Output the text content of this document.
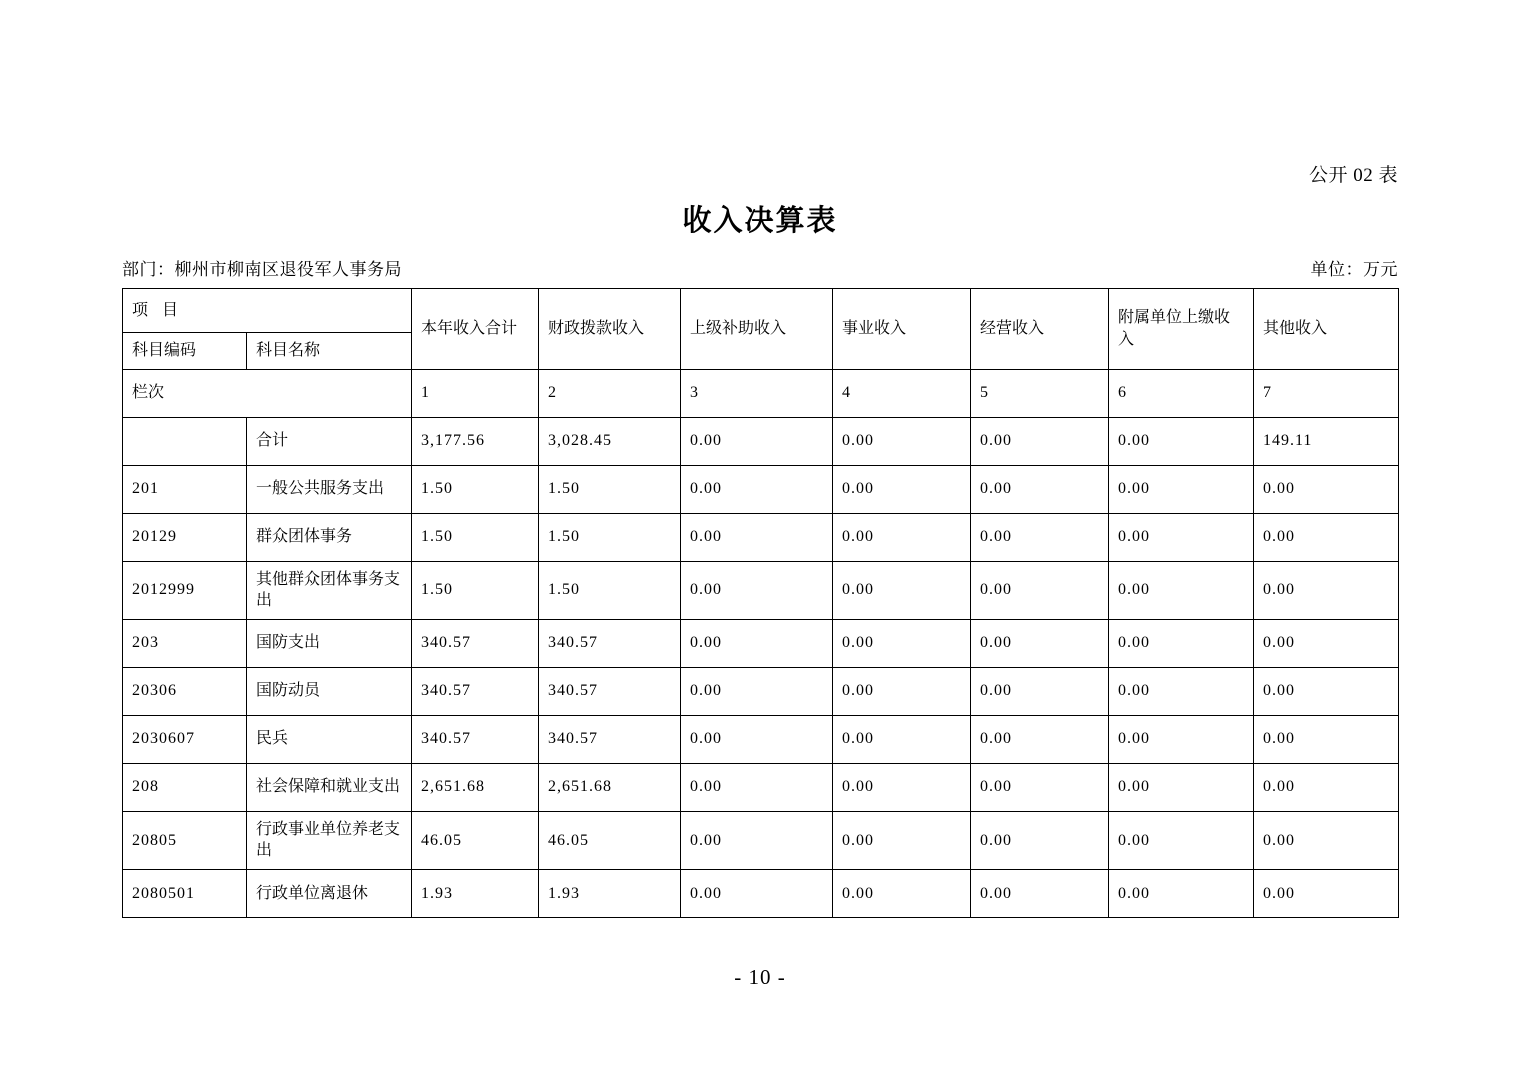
公开 02 表
收入决算表
部门：柳州市柳南区退役军人事务局	单位：万元
项目		本年收入合计	财政拨款收入	上级补助收入	事业收入	经营收入	附属单位上缴收入	其他收入
科目编码	科目名称							
栏次		1	2	3	4	5	6	7
	合计	3,177.56	3,028.45	0.00	0.00	0.00	0.00	149.11
201	一般公共服务支出	1.50	1.50	0.00	0.00	0.00	0.00	0.00
20129	群众团体事务	1.50	1.50	0.00	0.00	0.00	0.00	0.00
2012999	其他群众团体事务支出	1.50	1.50	0.00	0.00	0.00	0.00	0.00
203	国防支出	340.57	340.57	0.00	0.00	0.00	0.00	0.00
20306	国防动员	340.57	340.57	0.00	0.00	0.00	0.00	0.00
2030607	民兵	340.57	340.57	0.00	0.00	0.00	0.00	0.00
208	社会保障和就业支出	2,651.68	2,651.68	0.00	0.00	0.00	0.00	0.00
20805	行政事业单位养老支出	46.05	46.05	0.00	0.00	0.00	0.00	0.00
2080501	行政单位离退休	1.93	1.93	0.00	0.00	0.00	0.00	0.00
- 10 -
